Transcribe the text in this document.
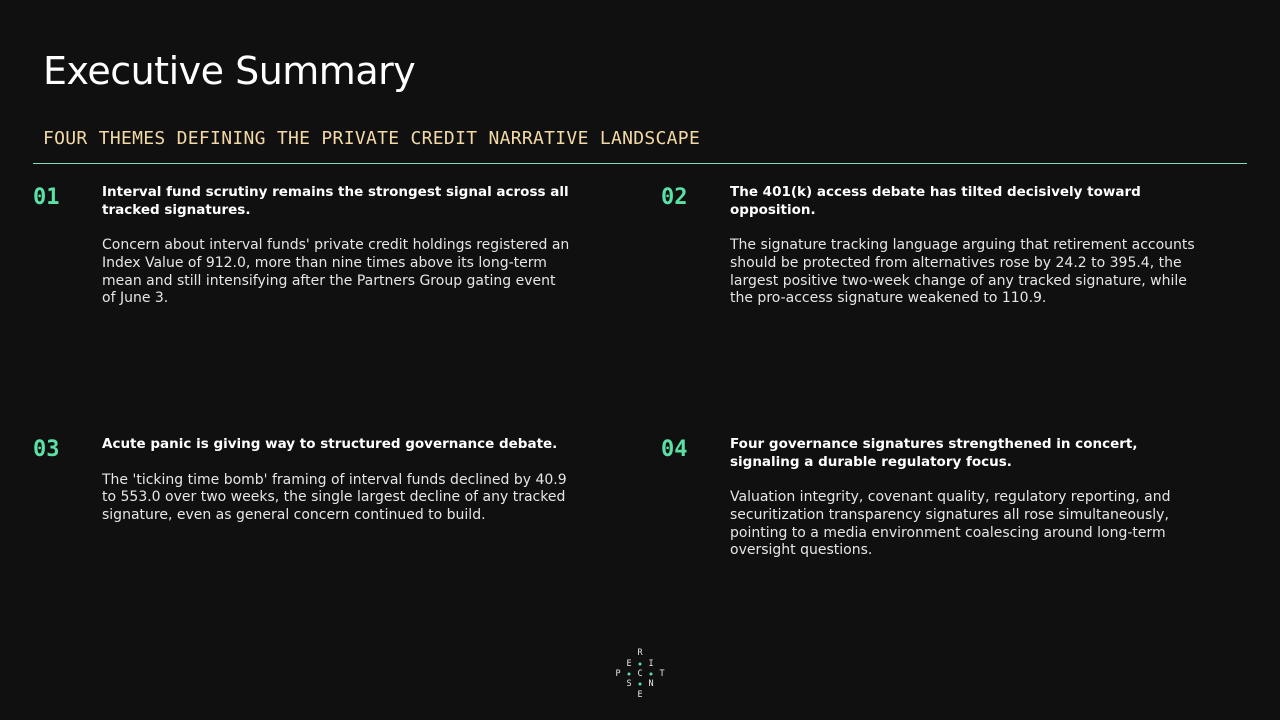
Executive Summary
FOUR THEMES DEFINING THE PRIVATE CREDIT NARRATIVE LANDSCAPE
01	Interval fund scrutiny remains the strongest signal across all tracked signatures.

Concern about interval funds' private credit holdings registered an Index Value of 912.0, more than nine times above its long-term mean and still intensifying after the Partners Group gating event of June 3.

02	The 401(k) access debate has tilted decisively toward opposition.

The signature tracking language arguing that retirement accounts should be protected from alternatives rose by 24.2 to 395.4, the largest positive two-week change of any tracked signature, while the pro-access signature weakened to 110.9.

03	Acute panic is giving way to structured governance debate.

The 'ticking time bomb' framing of interval funds declined by 40.9 to 553.0 over two weeks, the single largest decline of any tracked signature, even as general concern continued to build.

04	Four governance signatures strengthened in concert, signaling a durable regulatory focus.

Valuation integrity, covenant quality, regulatory reporting, and securitization transparency signatures all rose simultaneously, pointing to a media environment coalescing around long-term oversight questions.

R
E I
P C T
S N
E
